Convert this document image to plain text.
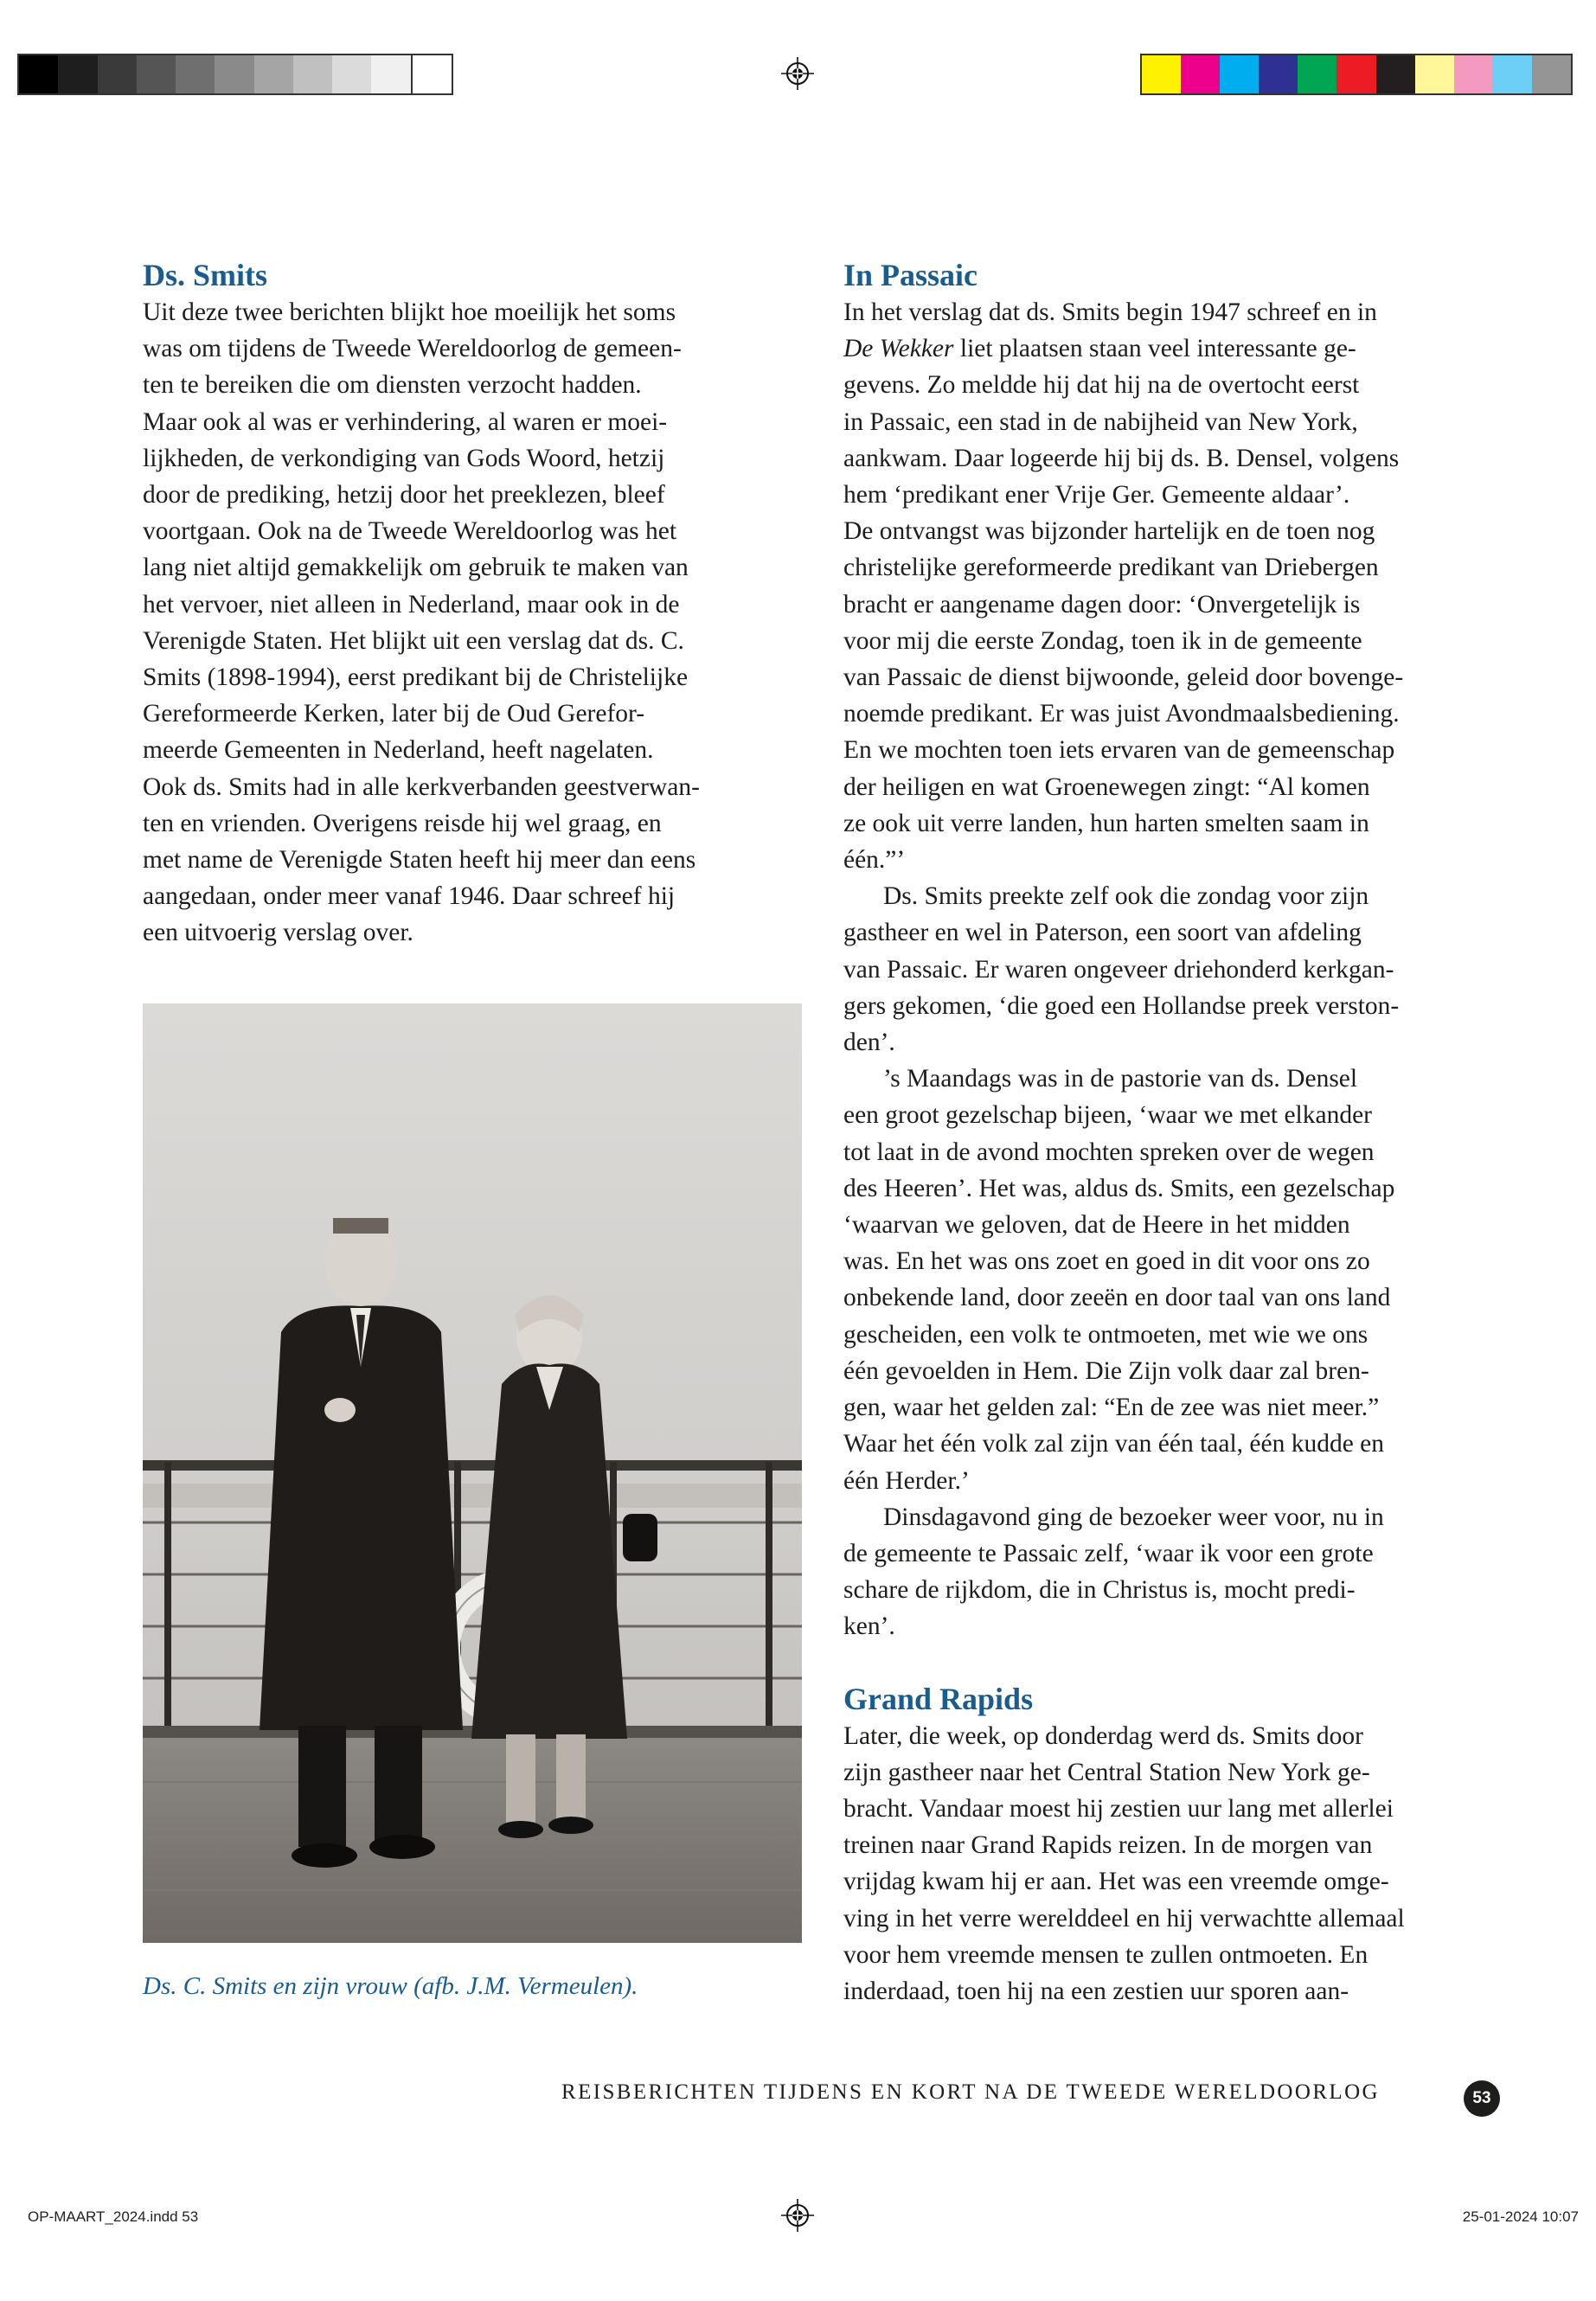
Ds. Smits
Uit deze twee berichten blijkt hoe moeilijk het soms
was om tijdens de Tweede Wereldoorlog de gemeen-
ten te bereiken die om diensten verzocht hadden.
Maar ook al was er verhindering, al waren er moei-
lijkheden, de verkondiging van Gods Woord, hetzij
door de prediking, hetzij door het preeklezen, bleef
voortgaan. Ook na de Tweede Wereldoorlog was het
lang niet altijd gemakkelijk om gebruik te maken van
het vervoer, niet alleen in Nederland, maar ook in de
Verenigde Staten. Het blijkt uit een verslag dat ds. C.
Smits (1898-1994), eerst predikant bij de Christelijke
Gereformeerde Kerken, later bij de Oud Gerefor-
meerde Gemeenten in Nederland, heeft nagelaten.
Ook ds. Smits had in alle kerkverbanden geestverwan-
ten en vrienden. Overigens reisde hij wel graag, en
met name de Verenigde Staten heeft hij meer dan eens
aangedaan, onder meer vanaf 1946. Daar schreef hij
een uitvoerig verslag over.
Ds. C. Smits en zijn vrouw (afb. J.M. Vermeulen).
In Passaic
In het verslag dat ds. Smits begin 1947 schreef en in
De Wekker liet plaatsen staan veel interessante ge-
gevens. Zo meldde hij dat hij na de overtocht eerst
in Passaic, een stad in de nabijheid van New York,
aankwam. Daar logeerde hij bij ds. B. Densel, volgens
hem ‘predikant ener Vrije Ger. Gemeente aldaar’.
De ontvangst was bijzonder hartelijk en de toen nog
christelijke gereformeerde predikant van Driebergen
bracht er aangename dagen door: ‘Onvergetelijk is
voor mij die eerste Zondag, toen ik in de gemeente
van Passaic de dienst bijwoonde, geleid door bovenge-
noemde predikant. Er was juist Avondmaalsbediening.
En we mochten toen iets ervaren van de gemeenschap
der heiligen en wat Groenewegen zingt: “Al komen
ze ook uit verre landen, hun harten smelten saam in
één.”’
Ds. Smits preekte zelf ook die zondag voor zijn
gastheer en wel in Paterson, een soort van afdeling
van Passaic. Er waren ongeveer driehonderd kerkgan-
gers gekomen, ‘die goed een Hollandse preek verston-
den’.
’s Maandags was in de pastorie van ds. Densel
een groot gezelschap bijeen, ‘waar we met elkander
tot laat in de avond mochten spreken over de wegen
des Heeren’. Het was, aldus ds. Smits, een gezelschap
‘waarvan we geloven, dat de Heere in het midden
was. En het was ons zoet en goed in dit voor ons zo
onbekende land, door zeeën en door taal van ons land
gescheiden, een volk te ontmoeten, met wie we ons
één gevoelden in Hem. Die Zijn volk daar zal bren-
gen, waar het gelden zal: “En de zee was niet meer.”
Waar het één volk zal zijn van één taal, één kudde en
één Herder.’
Dinsdagavond ging de bezoeker weer voor, nu in
de gemeente te Passaic zelf, ‘waar ik voor een grote
schare de rijkdom, die in Christus is, mocht predi-
ken’.
Grand Rapids
Later, die week, op donderdag werd ds. Smits door
zijn gastheer naar het Central Station New York ge-
bracht. Vandaar moest hij zestien uur lang met allerlei
treinen naar Grand Rapids reizen. In de morgen van
vrijdag kwam hij er aan. Het was een vreemde omge-
ving in het verre werelddeel en hij verwachtte allemaal
voor hem vreemde mensen te zullen ontmoeten. En
inderdaad, toen hij na een zestien uur sporen aan-
REISBERICHTEN TIJDENS EN KORT NA DE TWEEDE WERELDOORLOG	53
OP-MAART_2024.indd 53	25-01-2024 10:07
